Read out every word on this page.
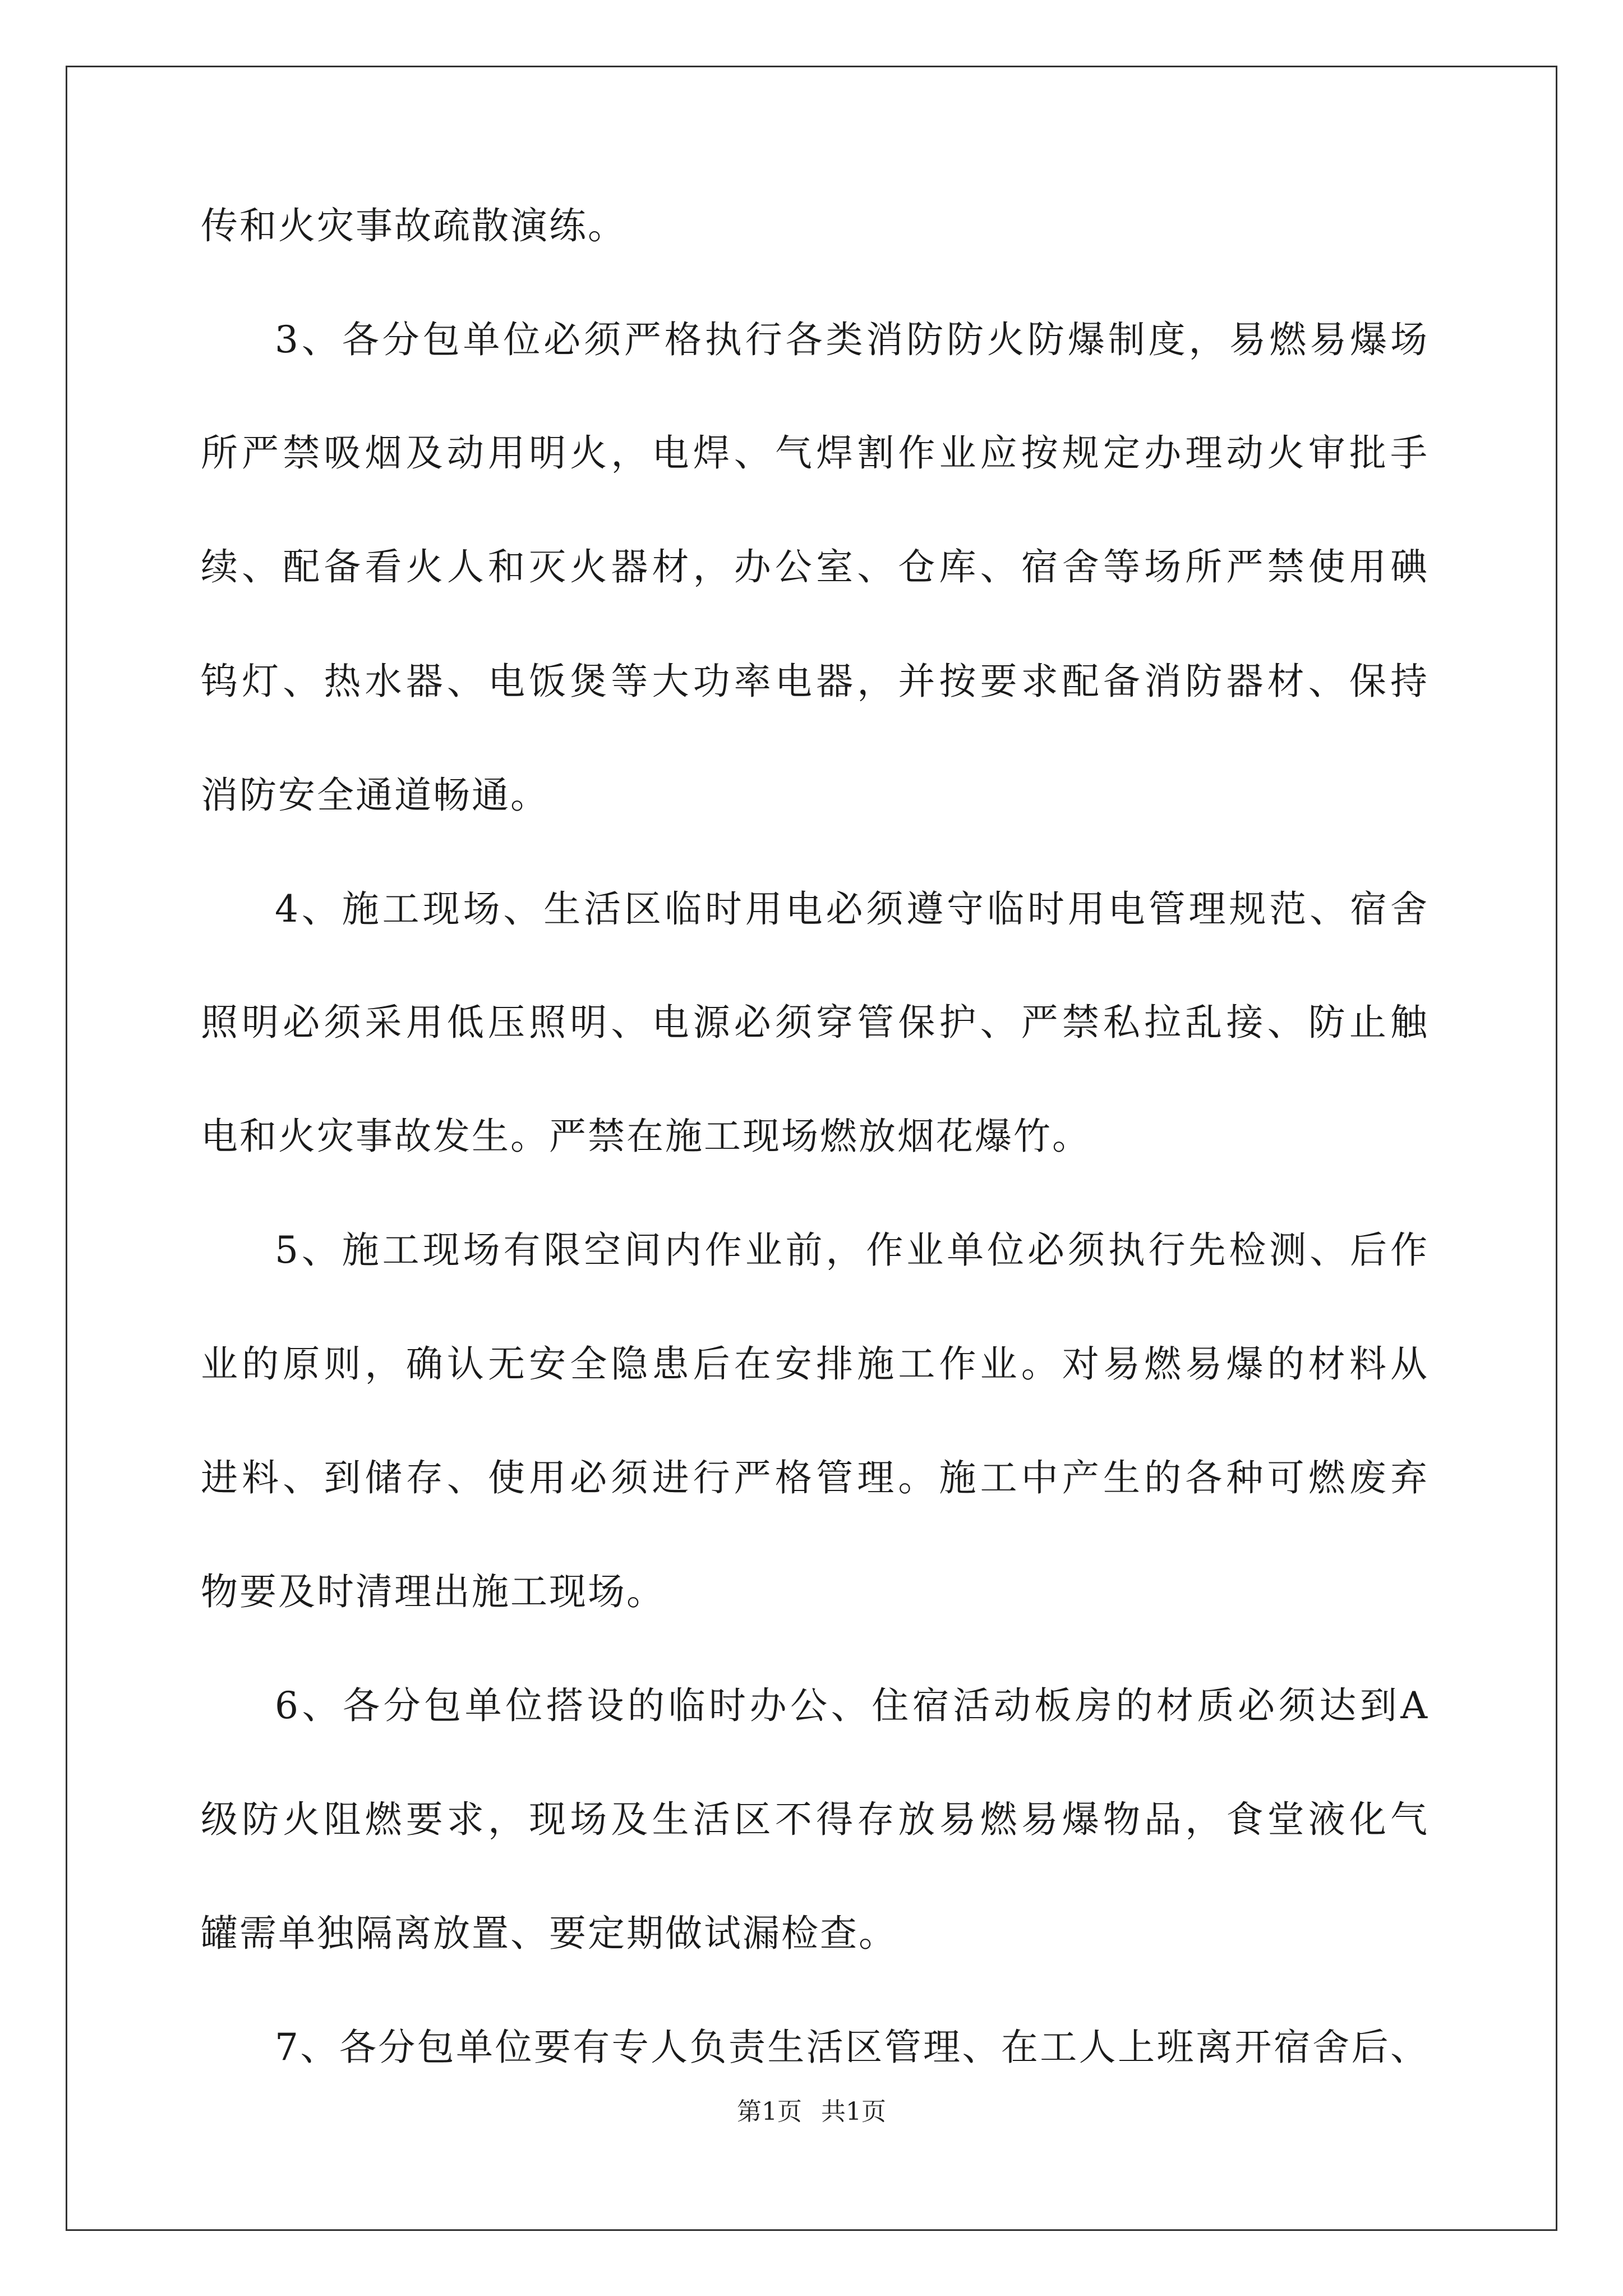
传和火灾事故疏散演练。
3、各分包单位必须严格执行各类消防防火防爆制度，易燃易爆场
所严禁吸烟及动用明火，电焊、气焊割作业应按规定办理动火审批手
续、配备看火人和灭火器材，办公室、仓库、宿舍等场所严禁使用碘
钨灯、热水器、电饭煲等大功率电器，并按要求配备消防器材、保持
消防安全通道畅通。
4、施工现场、生活区临时用电必须遵守临时用电管理规范、宿舍
照明必须采用低压照明、电源必须穿管保护、严禁私拉乱接、防止触
电和火灾事故发生。严禁在施工现场燃放烟花爆竹。
5、施工现场有限空间内作业前，作业单位必须执行先检测、后作
业的原则，确认无安全隐患后在安排施工作业。对易燃易爆的材料从
进料、到储存、使用必须进行严格管理。施工中产生的各种可燃废弃
物要及时清理出施工现场。
6、各分包单位搭设的临时办公、住宿活动板房的材质必须达到A
级防火阻燃要求，现场及生活区不得存放易燃易爆物品，食堂液化气
罐需单独隔离放置、要定期做试漏检查。
7、各分包单位要有专人负责生活区管理、在工人上班离开宿舍后、
第1页 共1页
